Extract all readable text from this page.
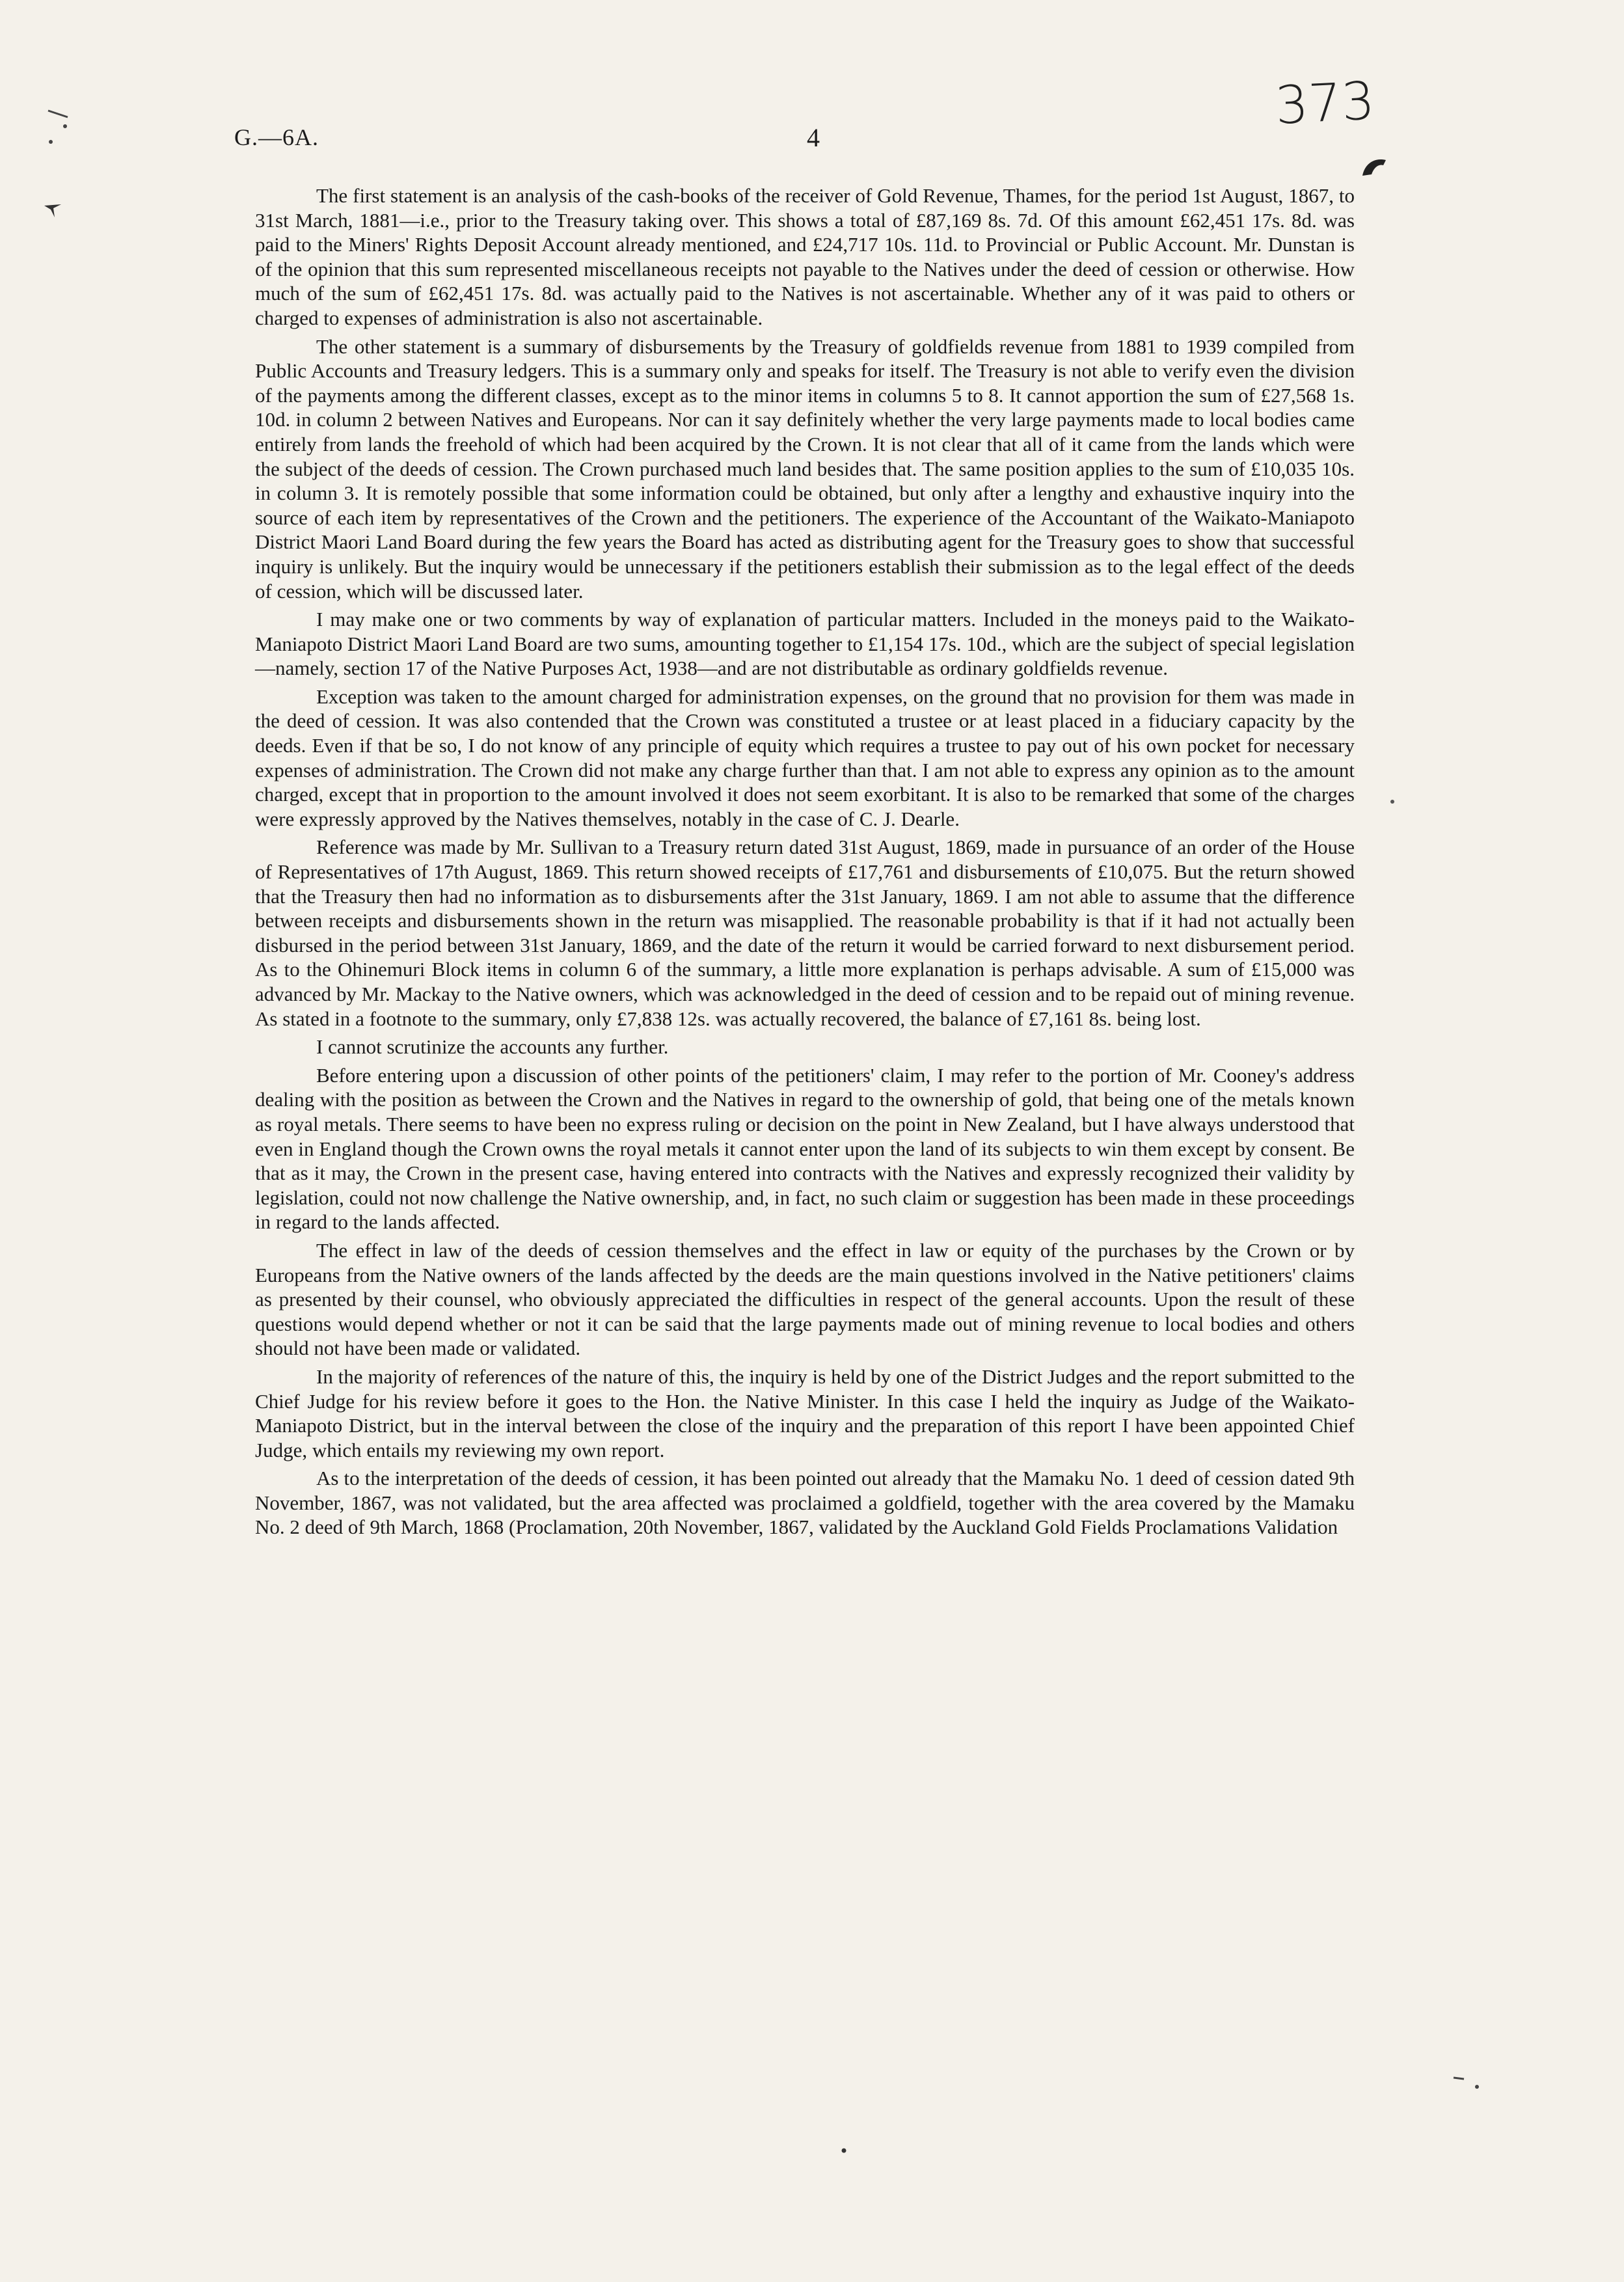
G.—6A.	4
373

The first statement is an analysis of the cash-books of the receiver of Gold Revenue, Thames, for the period 1st August, 1867, to 31st March, 1881—i.e., prior to the Treasury taking over. This shows a total of £87,169 8s. 7d. Of this amount £62,451 17s. 8d. was paid to the Miners' Rights Deposit Account already mentioned, and £24,717 10s. 11d. to Provincial or Public Account. Mr. Dunstan is of the opinion that this sum represented miscellaneous receipts not payable to the Natives under the deed of cession or otherwise. How much of the sum of £62,451 17s. 8d. was actually paid to the Natives is not ascertainable. Whether any of it was paid to others or charged to expenses of administration is also not ascertainable.

The other statement is a summary of disbursements by the Treasury of goldfields revenue from 1881 to 1939 compiled from Public Accounts and Treasury ledgers. This is a summary only and speaks for itself. The Treasury is not able to verify even the division of the payments among the different classes, except as to the minor items in columns 5 to 8. It cannot apportion the sum of £27,568 1s. 10d. in column 2 between Natives and Europeans. Nor can it say definitely whether the very large payments made to local bodies came entirely from lands the freehold of which had been acquired by the Crown. It is not clear that all of it came from the lands which were the subject of the deeds of cession. The Crown purchased much land besides that. The same position applies to the sum of £10,035 10s. in column 3. It is remotely possible that some information could be obtained, but only after a lengthy and exhaustive inquiry into the source of each item by representatives of the Crown and the petitioners. The experience of the Accountant of the Waikato-Maniapoto District Maori Land Board during the few years the Board has acted as distributing agent for the Treasury goes to show that successful inquiry is unlikely. But the inquiry would be unnecessary if the petitioners establish their submission as to the legal effect of the deeds of cession, which will be discussed later.

I may make one or two comments by way of explanation of particular matters. Included in the moneys paid to the Waikato-Maniapoto District Maori Land Board are two sums, amounting together to £1,154 17s. 10d., which are the subject of special legislation—namely, section 17 of the Native Purposes Act, 1938—and are not distributable as ordinary goldfields revenue.

Exception was taken to the amount charged for administration expenses, on the ground that no provision for them was made in the deed of cession. It was also contended that the Crown was constituted a trustee or at least placed in a fiduciary capacity by the deeds. Even if that be so, I do not know of any principle of equity which requires a trustee to pay out of his own pocket for necessary expenses of administration. The Crown did not make any charge further than that. I am not able to express any opinion as to the amount charged, except that in proportion to the amount involved it does not seem exorbitant. It is also to be remarked that some of the charges were expressly approved by the Natives themselves, notably in the case of C. J. Dearle.

Reference was made by Mr. Sullivan to a Treasury return dated 31st August, 1869, made in pursuance of an order of the House of Representatives of 17th August, 1869. This return showed receipts of £17,761 and disbursements of £10,075. But the return showed that the Treasury then had no information as to disbursements after the 31st January, 1869. I am not able to assume that the difference between receipts and disbursements shown in the return was misapplied. The reasonable probability is that if it had not actually been disbursed in the period between 31st January, 1869, and the date of the return it would be carried forward to next disbursement period. As to the Ohinemuri Block items in column 6 of the summary, a little more explanation is perhaps advisable. A sum of £15,000 was advanced by Mr. Mackay to the Native owners, which was acknowledged in the deed of cession and to be repaid out of mining revenue. As stated in a footnote to the summary, only £7,838 12s. was actually recovered, the balance of £7,161 8s. being lost.

I cannot scrutinize the accounts any further.

Before entering upon a discussion of other points of the petitioners' claim, I may refer to the portion of Mr. Cooney's address dealing with the position as between the Crown and the Natives in regard to the ownership of gold, that being one of the metals known as royal metals. There seems to have been no express ruling or decision on the point in New Zealand, but I have always understood that even in England though the Crown owns the royal metals it cannot enter upon the land of its subjects to win them except by consent. Be that as it may, the Crown in the present case, having entered into contracts with the Natives and expressly recognized their validity by legislation, could not now challenge the Native ownership, and, in fact, no such claim or suggestion has been made in these proceedings in regard to the lands affected.

The effect in law of the deeds of cession themselves and the effect in law or equity of the purchases by the Crown or by Europeans from the Native owners of the lands affected by the deeds are the main questions involved in the Native petitioners' claims as presented by their counsel, who obviously appreciated the difficulties in respect of the general accounts. Upon the result of these questions would depend whether or not it can be said that the large payments made out of mining revenue to local bodies and others should not have been made or validated.

In the majority of references of the nature of this, the inquiry is held by one of the District Judges and the report submitted to the Chief Judge for his review before it goes to the Hon. the Native Minister. In this case I held the inquiry as Judge of the Waikato-Maniapoto District, but in the interval between the close of the inquiry and the preparation of this report I have been appointed Chief Judge, which entails my reviewing my own report.

As to the interpretation of the deeds of cession, it has been pointed out already that the Mamaku No. 1 deed of cession dated 9th November, 1867, was not validated, but the area affected was proclaimed a goldfield, together with the area covered by the Mamaku No. 2 deed of 9th March, 1868 (Proclamation, 20th November, 1867, validated by the Auckland Gold Fields Proclamations Validation
